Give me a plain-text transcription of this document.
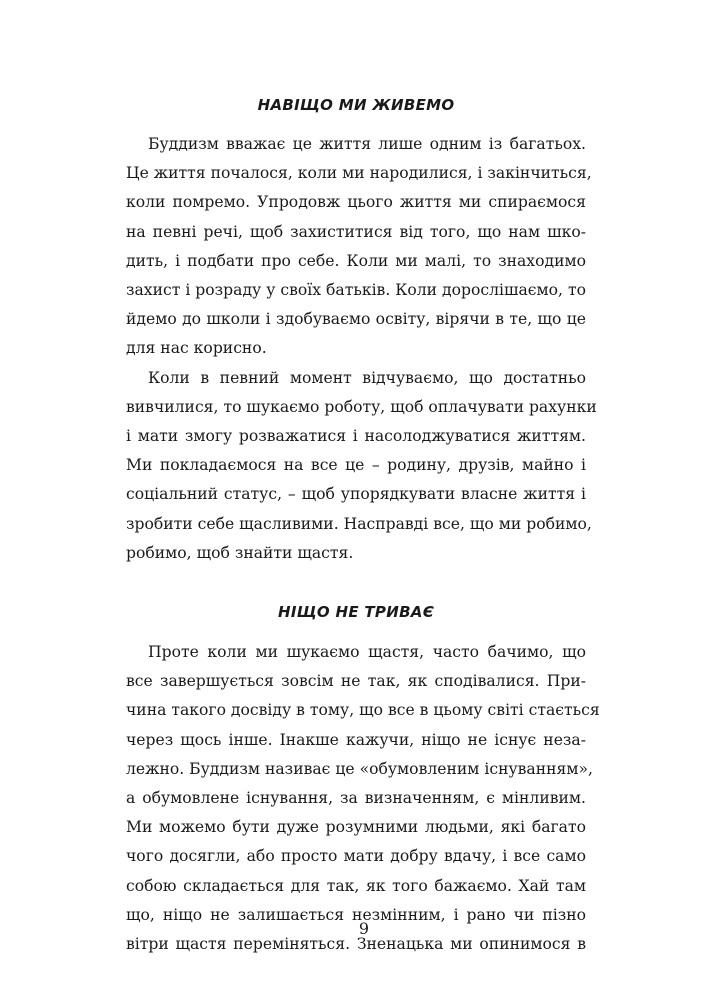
НАВІЩО МИ ЖИВЕМО
Буддизм вважає це життя лише одним із багатьох.
Це життя почалося, коли ми народилися, і закінчиться,
коли помремо. Упродовж цього життя ми спираємося
на певні речі, щоб захиститися від того, що нам шко-
дить, і подбати про себе. Коли ми малі, то знаходимо
захист і розраду у своїх батьків. Коли дорослішаємо, то
йдемо до школи і здобуваємо освіту, вірячи в те, що це
для нас корисно.
Коли в певний момент відчуваємо, що достатньо
вивчилися, то шукаємо роботу, щоб оплачувати рахунки
і мати змогу розважатися і насолоджуватися життям.
Ми покладаємося на все це – родину, друзів, майно і
соціальний статус, – щоб упорядкувати власне життя і
зробити себе щасливими. Насправді все, що ми робимо,
робимо, щоб знайти щастя.
НІЩО НЕ ТРИВАЄ
Проте коли ми шукаємо щастя, часто бачимо, що
все завершується зовсім не так, як сподівалися. При-
чина такого досвіду в тому, що все в цьому світі стається
через щось інше. Інакше кажучи, ніщо не існує неза-
лежно. Буддизм називає це «обумовленим існуванням»,
а обумовлене існування, за визначенням, є мінливим.
Ми можемо бути дуже розумними людьми, які багато
чого досягли, або просто мати добру вдачу, і все само
собою складається для так, як того бажаємо. Хай там
що, ніщо не залишається незмінним, і рано чи пізно
вітри щастя переміняться. Зненацька ми опинимося в
9
